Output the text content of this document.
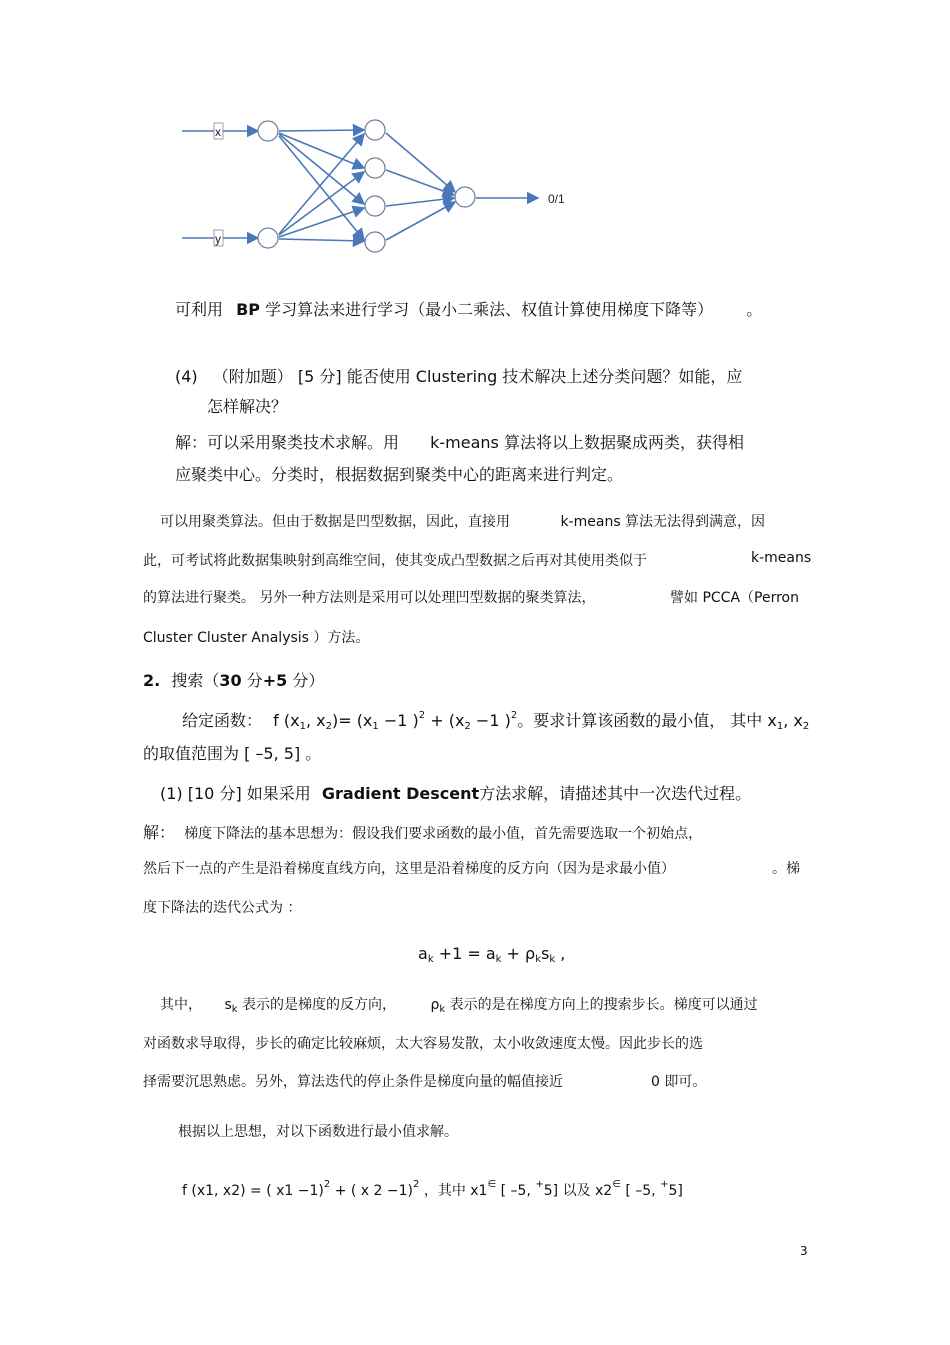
x
y
0/1
可利用 BP 学习算法来进行学习（最小二乘法、权值计算使用梯度下降等） 。
(4) （附加题） [5 分] 能否使用 Clustering 技术解决上述分类问题？如能，应
怎样解决？
解：可以采用聚类技术求解。用 k-means 算法将以上数据聚成两类，获得相
应聚类中心。分类时，根据数据到聚类中心的距离来进行判定。
可以用聚类算法。但由于数据是凹型数据，因此，直接用	k-means 算法无法得到满意，因
此，可考试将此数据集映射到高维空间，使其变成凸型数据之后再对其使用类似于	k-means
的算法进行聚类。 另外一种方法则是采用可以处理凹型数据的聚类算法，	譬如 PCCA（Perron
Cluster Cluster Analysis ）方法。
2. 搜索（30 分+5 分）
给定函数： f ($x_1$, $x_2)= (x_1 -1$ )$^2 + (x_2 -1$ )$^2$。要求计算该函数的最小值， 其中 $x_1$, $x_2$
的取值范围为 [ –5, 5] 。
(1) [10 分] 如果采用 Gradient Descent方法求解，请描述其中一次迭代过程。
解： 梯度下降法的基本思想为：假设我们要求函数的最小值，首先需要选取一个初始点，
然后下一点的产生是沿着梯度直线方向，这里是沿着梯度的反方向（因为是求最小值）	。梯
度下降法的迭代公式为 ：
$a_k +1 = a_k + \rho_ks_k$ ,
其中， $s_k$ 表示的是梯度的反方向， $\rho_k$ 表示的是在梯度方向上的搜索步长。梯度可以通过
对函数求导取得，步长的确定比较麻烦，太大容易发散，太小收敛速度太慢。因此步长的选
择需要沉思熟虑。另外，算法迭代的停止条件是梯度向量的幅值接近	0 即可。
根据以上思想，对以下函数进行最小值求解。
f (x1, x2) = ( x1 −1)$^2$ + ( x 2 −1)$^2$ ，其中 x1∈ [ –5, +5] 以及 x2∈ [ –5, +5]
3
